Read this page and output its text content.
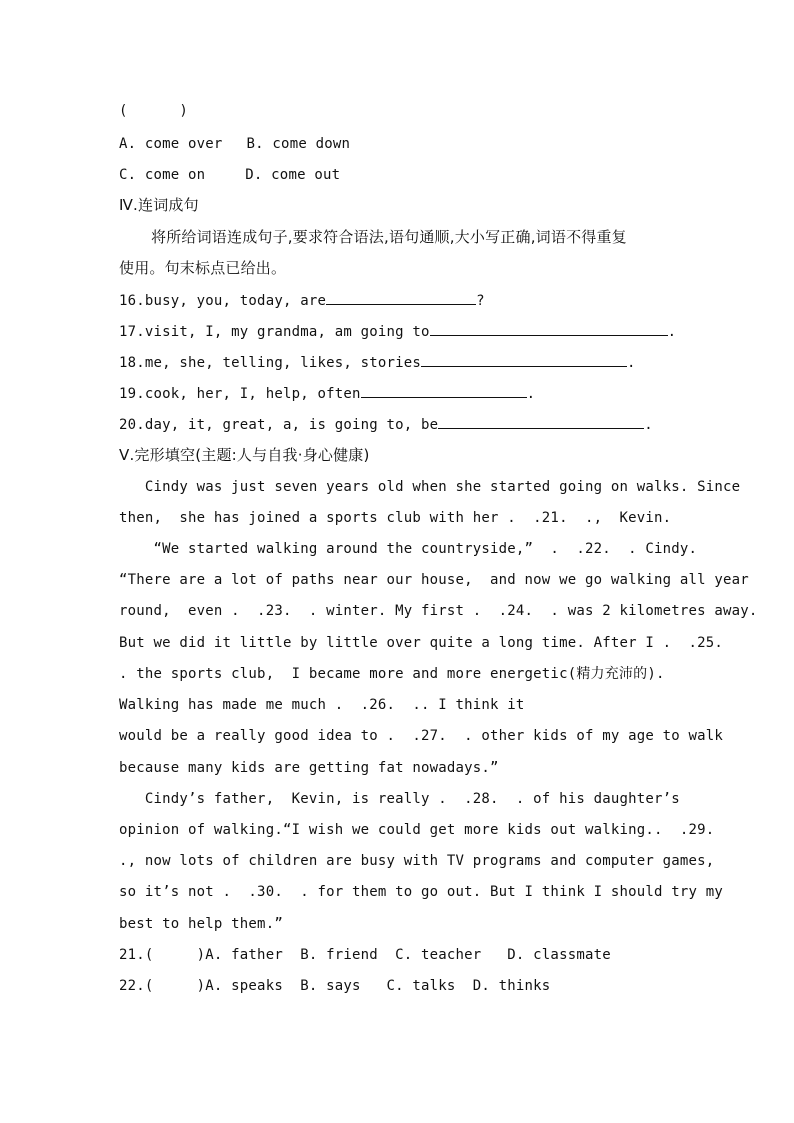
(      )
A. come over B. come down
C. come on	D. come out
Ⅳ.连词成句
将所给词语连成句子,要求符合语法,语句通顺,大小写正确,词语不得重复
使用。句末标点已给出。
16.busy, you, today, are	?
17.visit, I, my grandma, am going to	.
18.me, she, telling, likes, stories	.
19.cook, her, I, help, often	.
20.day, it, great, a, is going to, be	.
Ⅴ.完形填空(主题:人与自我·身心健康)
Cindy was just seven years old when she started going on walks. Since
then,  she has joined a sports club with her .  .21.  .,  Kevin.
“We started walking around the countryside,”  .  .22.  . Cindy.
“There are a lot of paths near our house,  and now we go walking all year
round,  even .  .23.  . winter. My first .  .24.  . was 2 kilometres away.
But we did it little by little over quite a long time. After I .  .25.
. the sports club,  I became more and more energetic(精力充沛的).
Walking has made me much .  .26.  .. I think it
would be a really good idea to .  .27.  . other kids of my age to walk
because many kids are getting fat nowadays.”
Cindy’s father,  Kevin, is really .  .28.  . of his daughter’s
opinion of walking.“I wish we could get more kids out walking..  .29.
., now lots of children are busy with TV programs and computer games,
so it’s not .  .30.  . for them to go out. But I think I should try my
best to help them.”
21.(     )A. father  B. friend  C. teacher   D. classmate
22.(     )A. speaks  B. says   C. talks  D. thinks
